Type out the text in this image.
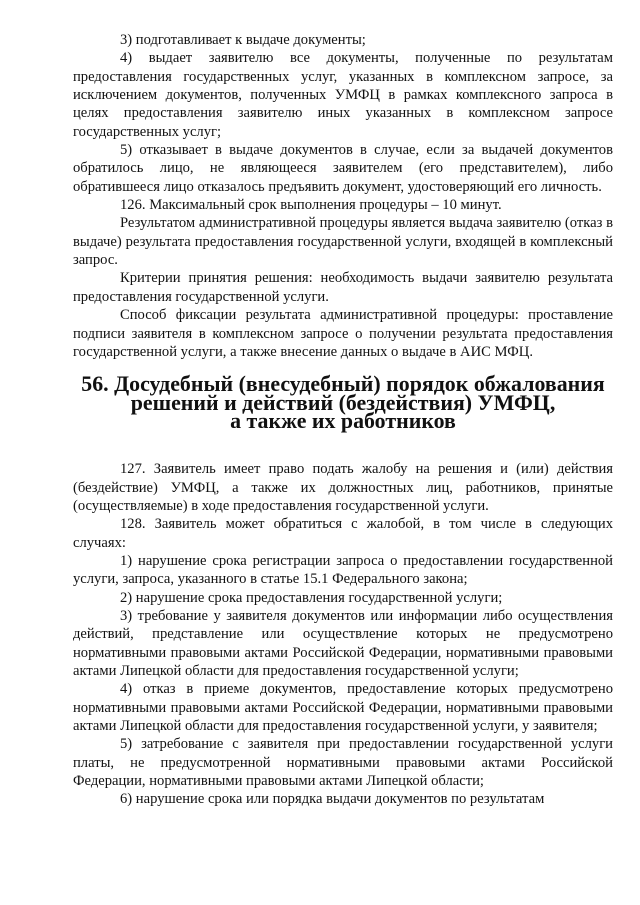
3) подготавливает к выдаче документы;

4) выдает заявителю все документы, полученные по результатам предоставления государственных услуг, указанных в комплексном запросе, за исключением документов, полученных УМФЦ в рамках комплексного запроса в целях предоставления заявителю иных указанных в комплексном запросе государственных услуг;

5) отказывает в выдаче документов в случае, если за выдачей документов обратилось лицо, не являющееся заявителем (его представителем), либо обратившееся лицо отказалось предъявить документ, удостоверяющий его личность.

126. Максимальный срок выполнения процедуры – 10 минут.

Результатом административной процедуры является выдача заявителю (отказ в выдаче) результата предоставления государственной услуги, входящей в комплексный запрос.

Критерии принятия решения: необходимость выдачи заявителю результата предоставления государственной услуги.

Способ фиксации результата административной процедуры: проставление подписи заявителя в комплексном запросе о получении результата предоставления государственной услуги, а также внесение данных о выдаче в АИС МФЦ.

56. Досудебный (внесудебный) порядок обжалования
решений и действий (бездействия) УМФЦ,
а также их работников

127. Заявитель имеет право подать жалобу на решения и (или) действия (бездействие) УМФЦ, а также их должностных лиц, работников, принятые (осуществляемые) в ходе предоставления государственной услуги.

128. Заявитель может обратиться с жалобой, в том числе в следующих случаях:

1) нарушение срока регистрации запроса о предоставлении государственной услуги, запроса, указанного в статье 15.1 Федерального закона;

2) нарушение срока предоставления государственной услуги;

3) требование у заявителя документов или информации либо осуществления действий, представление или осуществление которых не предусмотрено нормативными правовыми актами Российской Федерации, нормативными правовыми актами Липецкой области для предоставления государственной услуги;

4) отказ в приеме документов, предоставление которых предусмотрено нормативными правовыми актами Российской Федерации, нормативными правовыми актами Липецкой области для предоставления государственной услуги, у заявителя;

5) затребование с заявителя при предоставлении государственной услуги платы, не предусмотренной нормативными правовыми актами Российской Федерации, нормативными правовыми актами Липецкой области;

6) нарушение срока или порядка выдачи документов по результатам
